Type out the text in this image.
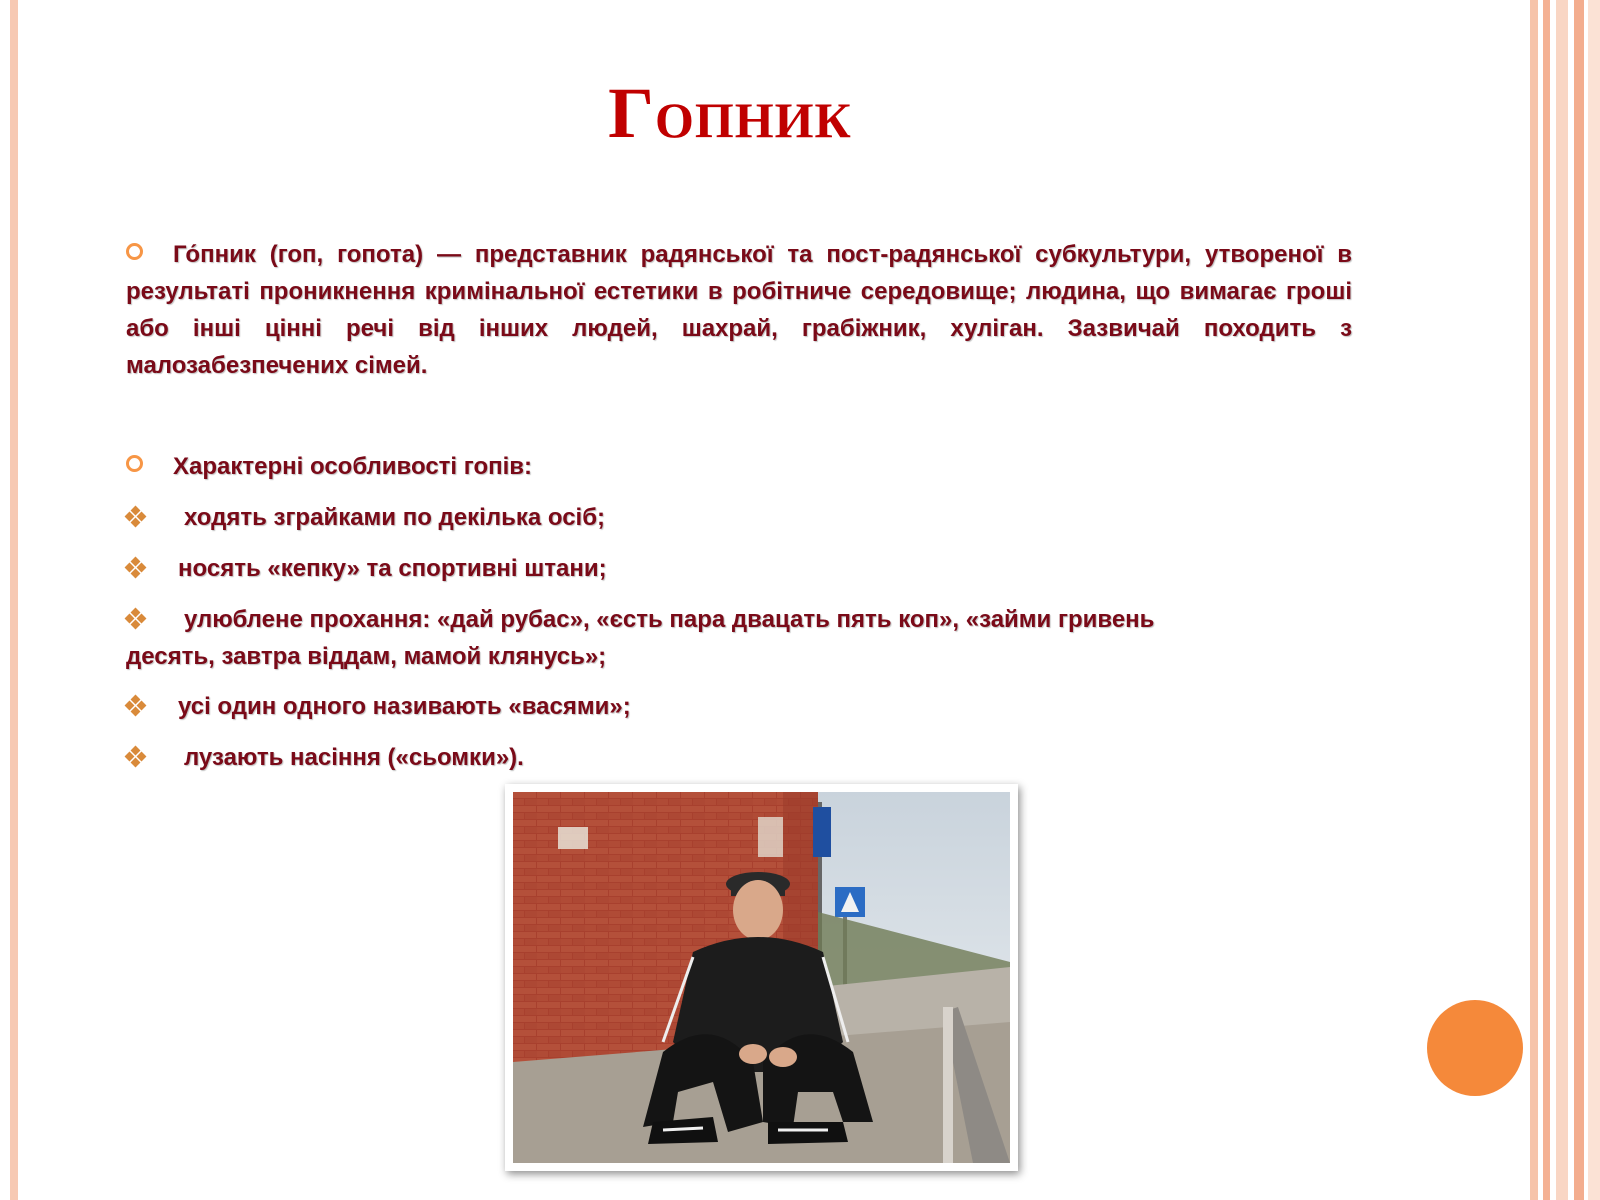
Гопник
Го́пник (гоп, гопота) — представник радянської та пост-радянської субкультури, утвореної в результаті проникнення кримінальної естетики в робітниче середовище; людина, що вимагає гроші або інші цінні речі від інших людей, шахрай, грабіжник, хуліган. Зазвичай походить з малозабезпечених сімей.
Характерні особливості гопів:
ходять зграйками по декілька осіб;
носять «кепку» та спортивні штани;
улюблене прохання: «дай рубас», «єсть пара двацать пять коп», «займи гривень
десять, завтра віддам, мамой клянусь»;
усі один одного називають «васями»;
лузають насіння («сьомки»).
